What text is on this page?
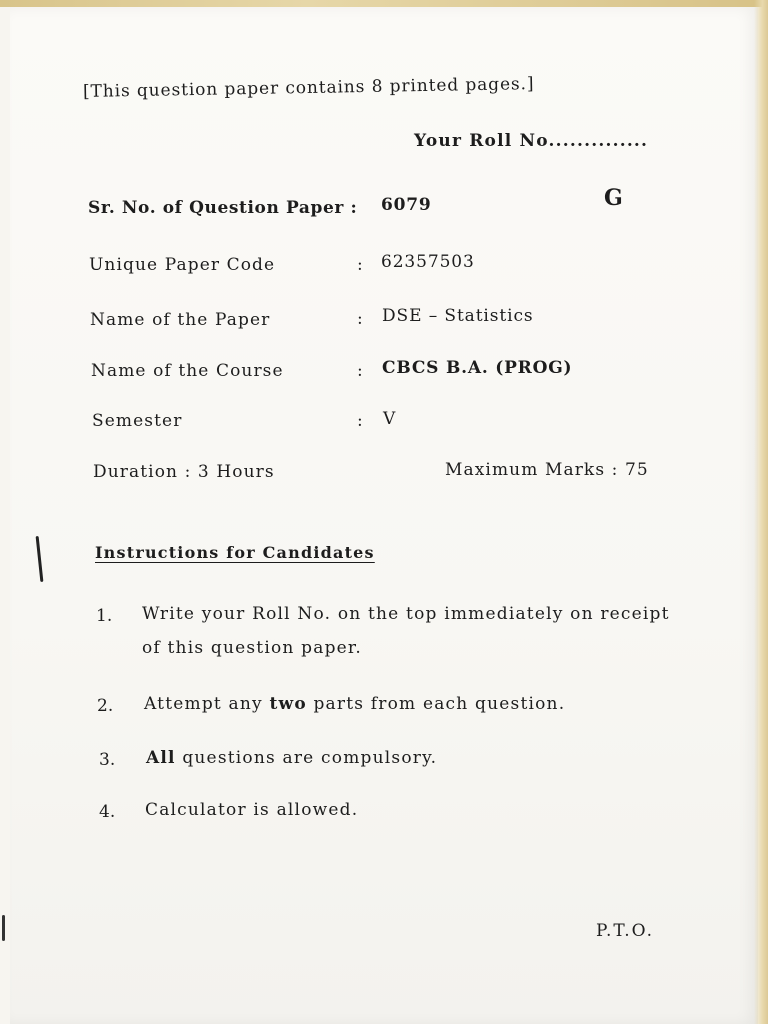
[This question paper contains 8 printed pages.]
Your Roll No..............
Sr. No. of Question Paper : 6079	G
Unique Paper Code	: 62357503
Name of the Paper	: DSE – Statistics
Name of the Course	: CBCS B.A. (PROG)
Semester	: V
Duration : 3 Hours	Maximum Marks : 75
Instructions for Candidates
1. Write your Roll No. on the top immediately on receipt
of this question paper.
2. Attempt any two parts from each question.
3. All questions are compulsory.
4. Calculator is allowed.
P.T.O.
